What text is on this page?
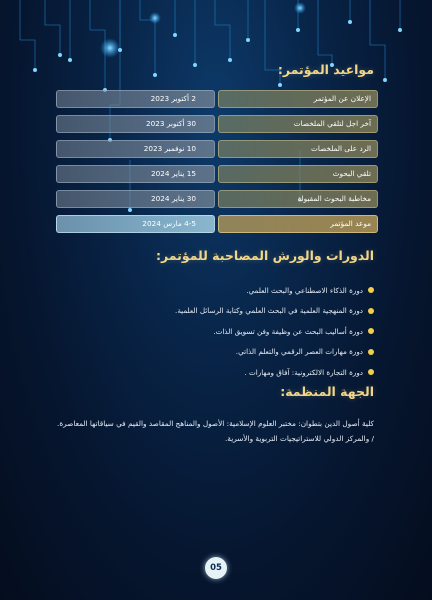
مواعيد المؤتمر:
الإعلان عن المؤتمر
2 أكتوبر 2023
آخر اجل لتلقي الملخصات
30 أكتوبر 2023
الرد على الملخصات
10 نوفمبر 2023
تلقي البحوث
15 يناير 2024
مخاطبة البحوث المقبولة
30 يناير 2024
موعد المؤتمر
4-5 مارس 2024
الدورات والورش المصاحبة للمؤتمر:
دورة الذكاء الاصطناعي والبحث العلمي.
دورة المنهجية العلمية في البحث العلمي وكتابة الرسائل العلمية.
دورة أساليب البحث عن وظيفة وفن تسويق الذات.
دورة مهارات العصر الرقمي والتعلم الذاتي.
دورة التجارة الالكترونية: آفاق ومهارات .
الجهة المنظمة:

كلية أصول الدين بتطوان: مختبر العلوم الإسلامية: الأصول والمناهج المقاصد والقيم في سياقاتها المعاصرة. / والمركز الدولي للاستراتيجيات التربوية والأسرية.

05
